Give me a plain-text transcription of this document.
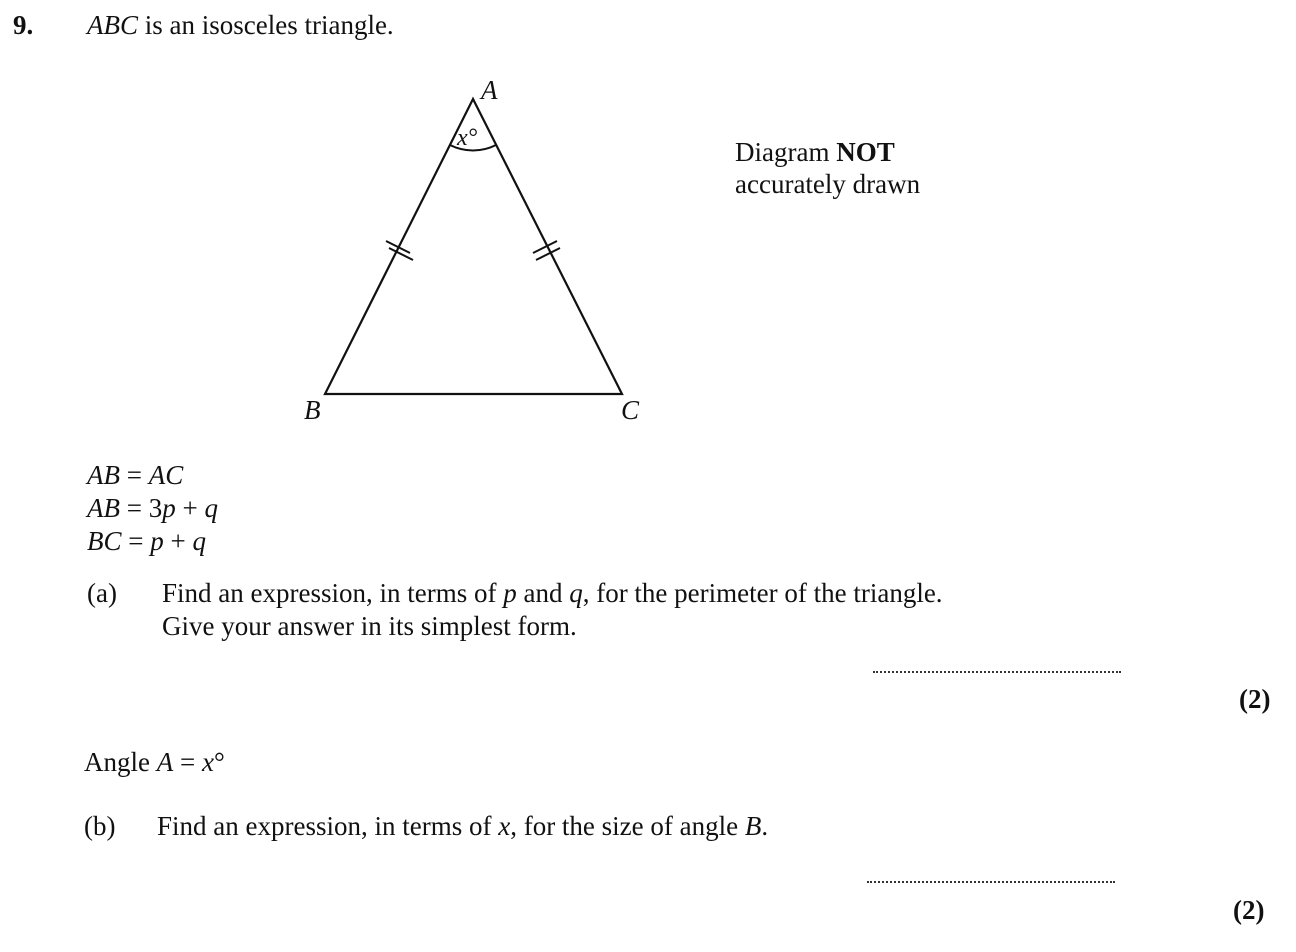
9. ABC is an isosceles triangle.
A
B	C
x°	Diagram NOT
accurately drawn
AB = AC
AB = 3p + q
BC = p + q
(a) Find an expression, in terms of p and q, for the perimeter of the triangle.
Give your answer in its simplest form.
(2)
Angle A = x°
(b) Find an expression, in terms of x, for the size of angle B.
(2)
